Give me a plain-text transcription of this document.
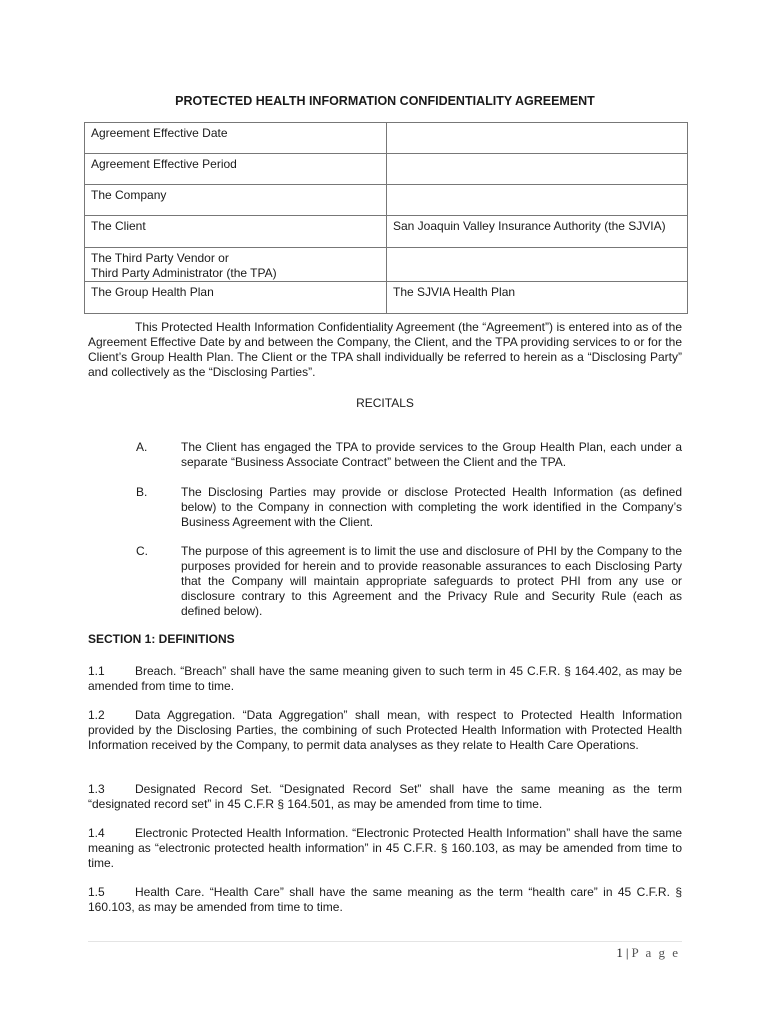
PROTECTED HEALTH INFORMATION CONFIDENTIALITY AGREEMENT
Agreement Effective Date	
Agreement Effective Period	
The Company	
The Client	San Joaquin Valley Insurance Authority (the SJVIA)

The Third Party Vendor or
Third Party Administrator (the TPA)	

The Group Health Plan	The SJVIA Health Plan
This Protected Health Information Confidentiality Agreement (the “Agreement”) is entered into as of the Agreement Effective Date by and between the Company, the Client, and the TPA providing services to or for the Client’s Group Health Plan. The Client or the TPA shall individually be referred to herein as a “Disclosing Party” and collectively as the “Disclosing Parties”.
RECITALS
A.	The Client has engaged the TPA to provide services to the Group Health Plan, each under a separate “Business Associate Contract” between the Client and the TPA.
B.	The Disclosing Parties may provide or disclose Protected Health Information (as defined below) to the Company in connection with completing the work identified in the Company’s Business Agreement with the Client.
C.	The purpose of this agreement is to limit the use and disclosure of PHI by the Company to the purposes provided for herein and to provide reasonable assurances to each Disclosing Party that the Company will maintain appropriate safeguards to protect PHI from any use or disclosure contrary to this Agreement and the Privacy Rule and Security Rule (each as defined below).
SECTION 1: DEFINITIONS
1.1	Breach. “Breach” shall have the same meaning given to such term in 45 C.F.R. § 164.402, as may be amended from time to time.
1.2	Data Aggregation. “Data Aggregation” shall mean, with respect to Protected Health Information provided by the Disclosing Parties, the combining of such Protected Health Information with Protected Health Information received by the Company, to permit data analyses as they relate to Health Care Operations.
1.3	Designated Record Set. “Designated Record Set” shall have the same meaning as the term “designated record set” in 45 C.F.R § 164.501, as may be amended from time to time.
1.4	Electronic Protected Health Information. “Electronic Protected Health Information” shall have the same meaning as “electronic protected health information” in 45 C.F.R. § 160.103, as may be amended from time to time.
1.5	Health Care. “Health Care” shall have the same meaning as the term “health care” in 45 C.F.R. § 160.103, as may be amended from time to time.
1 | P a g e
